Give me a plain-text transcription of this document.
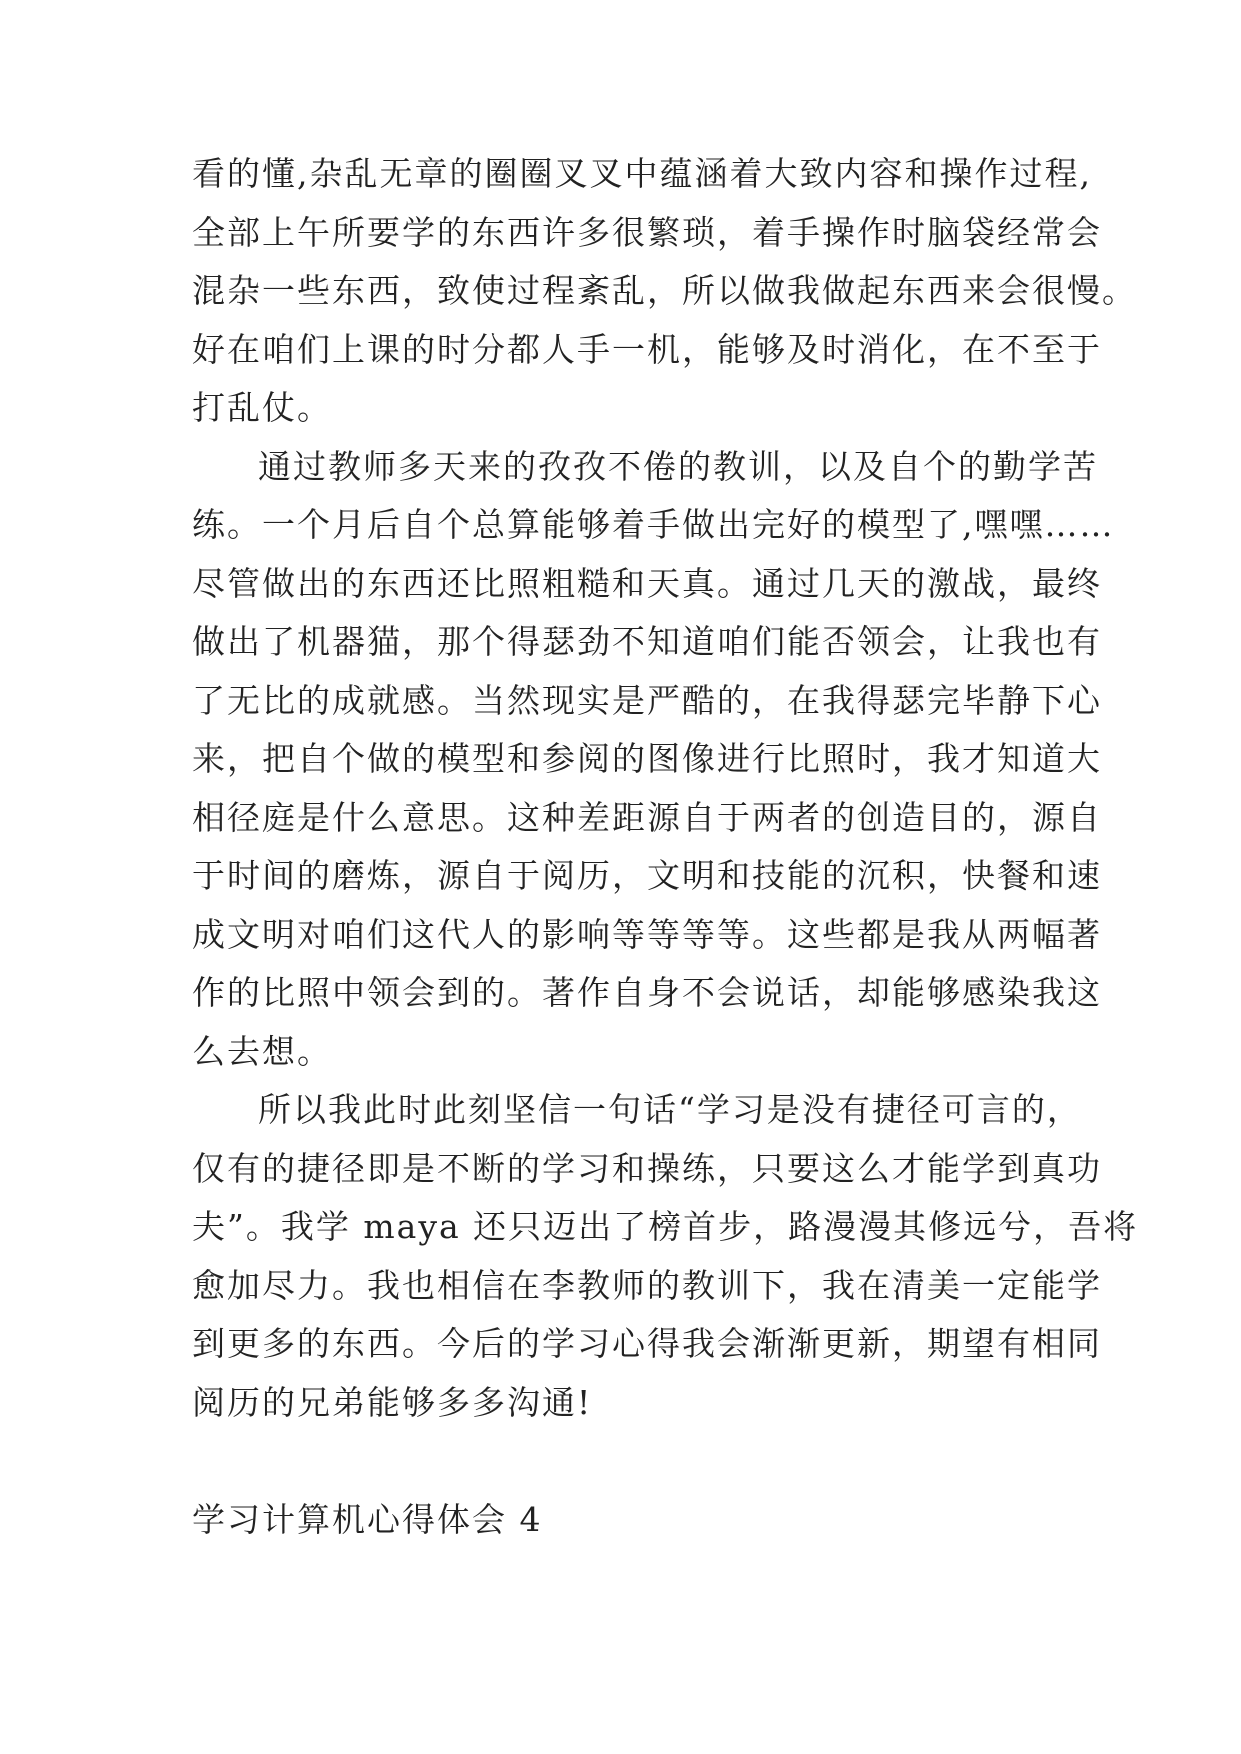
看的懂,杂乱无章的圈圈叉叉中蕴涵着大致内容和操作过程,
全部上午所要学的东西许多很繁琐，着手操作时脑袋经常会
混杂一些东西，致使过程紊乱，所以做我做起东西来会很慢。
好在咱们上课的时分都人手一机，能够及时消化，在不至于
打乱仗。
通过教师多天来的孜孜不倦的教训，以及自个的勤学苦
练。一个月后自个总算能够着手做出完好的模型了,嘿嘿……
尽管做出的东西还比照粗糙和天真。通过几天的激战，最终
做出了机器猫，那个得瑟劲不知道咱们能否领会，让我也有
了无比的成就感。当然现实是严酷的，在我得瑟完毕静下心
来，把自个做的模型和参阅的图像进行比照时，我才知道大
相径庭是什么意思。这种差距源自于两者的创造目的，源自
于时间的磨炼，源自于阅历，文明和技能的沉积，快餐和速
成文明对咱们这代人的影响等等等等。这些都是我从两幅著
作的比照中领会到的。著作自身不会说话，却能够感染我这
么去想。
所以我此时此刻坚信一句话“学习是没有捷径可言的，
仅有的捷径即是不断的学习和操练，只要这么才能学到真功
夫”。我学 maya 还只迈出了榜首步，路漫漫其修远兮，吾将
愈加尽力。我也相信在李教师的教训下，我在清美一定能学
到更多的东西。今后的学习心得我会渐渐更新，期望有相同
阅历的兄弟能够多多沟通!
学习计算机心得体会 4
